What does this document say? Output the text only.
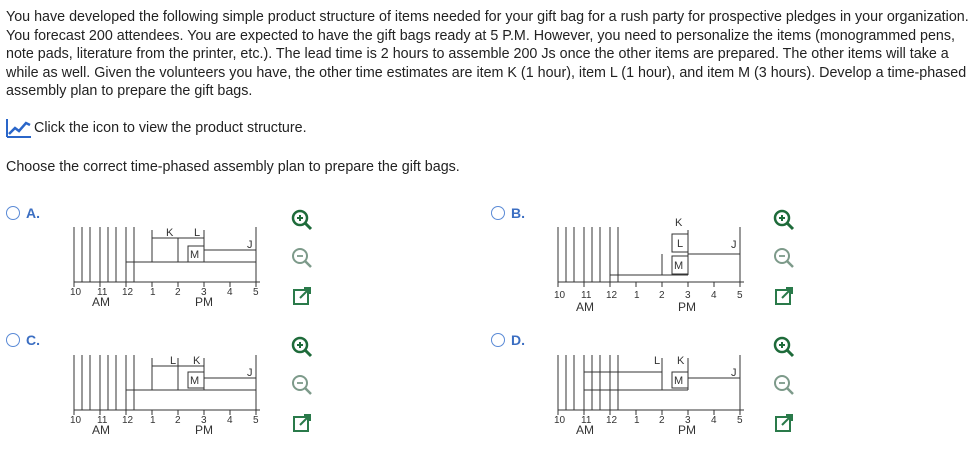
You have developed the following simple product structure of items needed for your gift bag for a rush party for prospective pledges in your organization. You forecast 200 attendees. You are expected to have the gift bags ready at 5 P.M. However, you need to personalize the items (monogrammed pens, note pads, literature from the printer, etc.). The lead time is 2 hours to assemble 200 Js once the other items are prepared. The other items will take a while as well. Given the volunteers you have, the other time estimates are item K (1 hour), item L (1 hour), and item M (3 hours). Develop a time-phased assembly plan to prepare the gift bags.
Click the icon to view the product structure.
Choose the correct time-phased assembly plan to prepare the gift bags.
A.
K L
M
J
10 11 12 1 2 3 4 5
AM	PM
B.
K
L
M
J
10 11 12 1 2 3 4 5
AM	PM
C.
L K
M
J
10 11 12 1 2 3 4 5
AM	PM
D.
L K
M
J
10 11 12 1 2 3 4 5
AM	PM
